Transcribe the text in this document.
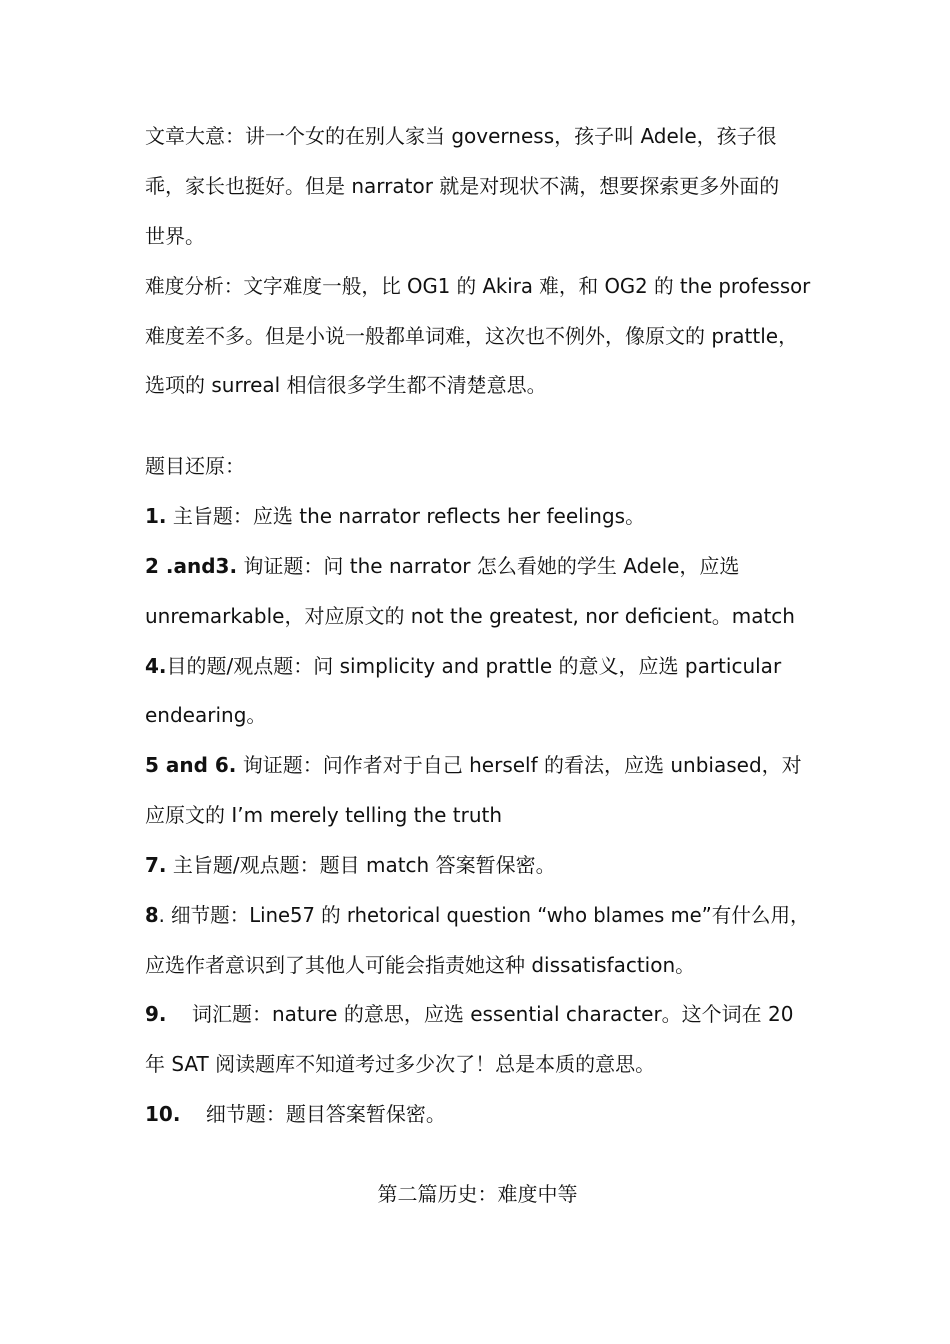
文章大意：讲一个女的在别人家当 governess，孩子叫 Adele，孩子很
乖，家长也挺好。但是 narrator 就是对现状不满，想要探索更多外面的
世界。
难度分析：文字难度一般，比 OG1 的 Akira 难，和 OG2 的 the professor
难度差不多。但是小说一般都单词难，这次也不例外，像原文的 prattle，
选项的 surreal 相信很多学生都不清楚意思。
题目还原：
1. 主旨题：应选 the narrator reflects her feelings。
2 .and3. 询证题：问 the narrator 怎么看她的学生 Adele，应选
unremarkable，对应原文的 not the greatest, nor deficient。match
4.目的题/观点题：问 simplicity and prattle 的意义，应选 particular
endearing。
5 and 6. 询证题：问作者对于自己 herself 的看法，应选 unbiased，对
应原文的 I’m merely telling the truth
7. 主旨题/观点题：题目 match 答案暂保密。
8. 细节题：Line57 的 rhetorical question “who blames me”有什么用，
应选作者意识到了其他人可能会指责她这种 dissatisfaction。
9.    词汇题：nature 的意思，应选 essential character。这个词在 20
年 SAT 阅读题库不知道考过多少次了！总是本质的意思。
10.    细节题：题目答案暂保密。
第二篇历史：难度中等
